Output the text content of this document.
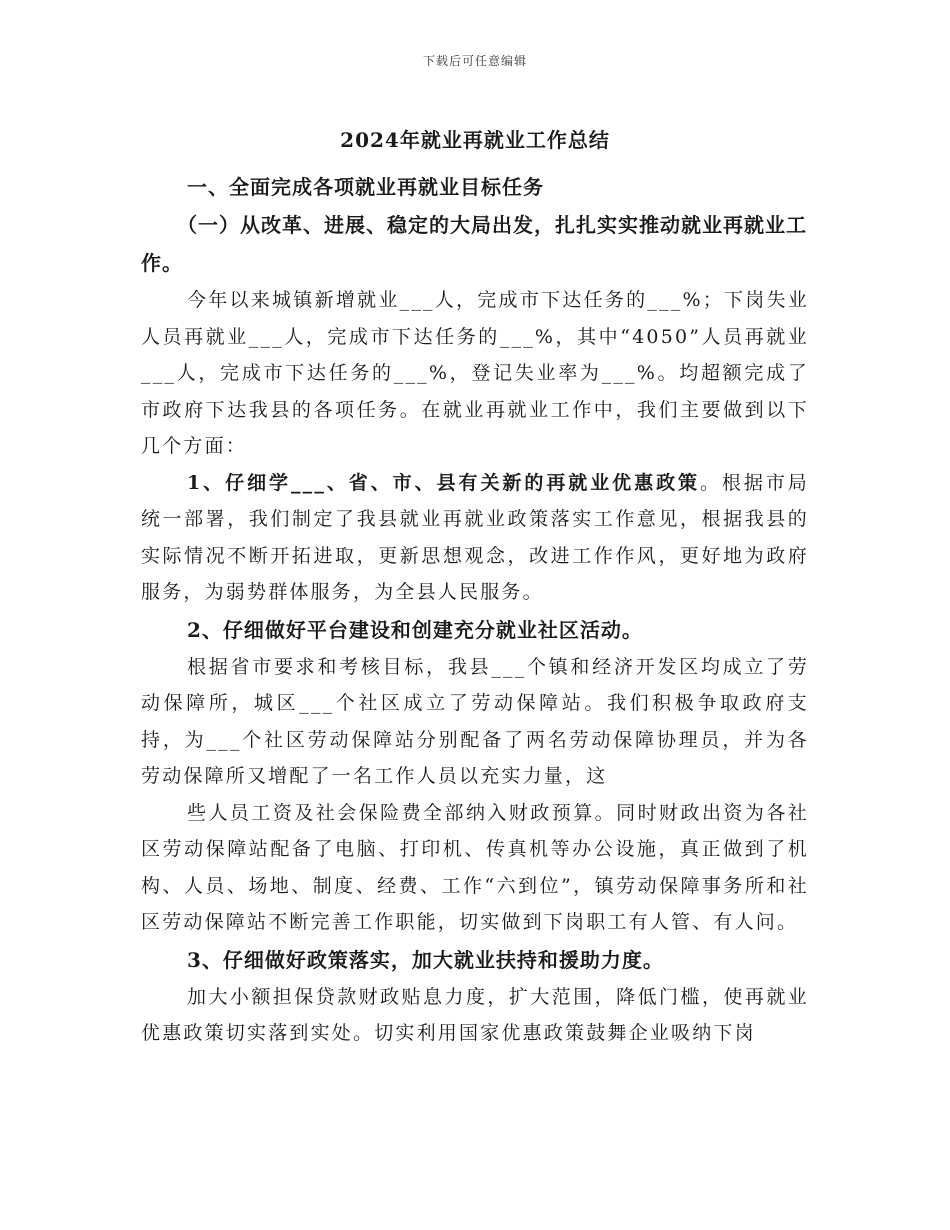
下载后可任意编辑
2024年就业再就业工作总结

一、全面完成各项就业再就业目标任务

（一）从改革、进展、稳定的大局出发，扎扎实实推动就业再就业工作。

今年以来城镇新增就业___人，完成市下达任务的___%；下岗失业人员再就业___人，完成市下达任务的___%，其中“4050”人员再就业___人，完成市下达任务的___%，登记失业率为___%。均超额完成了市政府下达我县的各项任务。在就业再就业工作中，我们主要做到以下几个方面：

1、仔细学___、省、市、县有关新的再就业优惠政策。根据市局统一部署，我们制定了我县就业再就业政策落实工作意见，根据我县的实际情况不断开拓进取，更新思想观念，改进工作作风，更好地为政府服务，为弱势群体服务，为全县人民服务。

2、仔细做好平台建设和创建充分就业社区活动。

根据省市要求和考核目标，我县___个镇和经济开发区均成立了劳动保障所，城区___个社区成立了劳动保障站。我们积极争取政府支持，为___个社区劳动保障站分别配备了两名劳动保障协理员，并为各劳动保障所又增配了一名工作人员以充实力量，这

些人员工资及社会保险费全部纳入财政预算。同时财政出资为各社区劳动保障站配备了电脑、打印机、传真机等办公设施，真正做到了机构、人员、场地、制度、经费、工作“六到位”，镇劳动保障事务所和社区劳动保障站不断完善工作职能，切实做到下岗职工有人管、有人问。

3、仔细做好政策落实，加大就业扶持和援助力度。

加大小额担保贷款财政贴息力度，扩大范围，降低门槛，使再就业优惠政策切实落到实处。切实利用国家优惠政策鼓舞企业吸纳下岗
